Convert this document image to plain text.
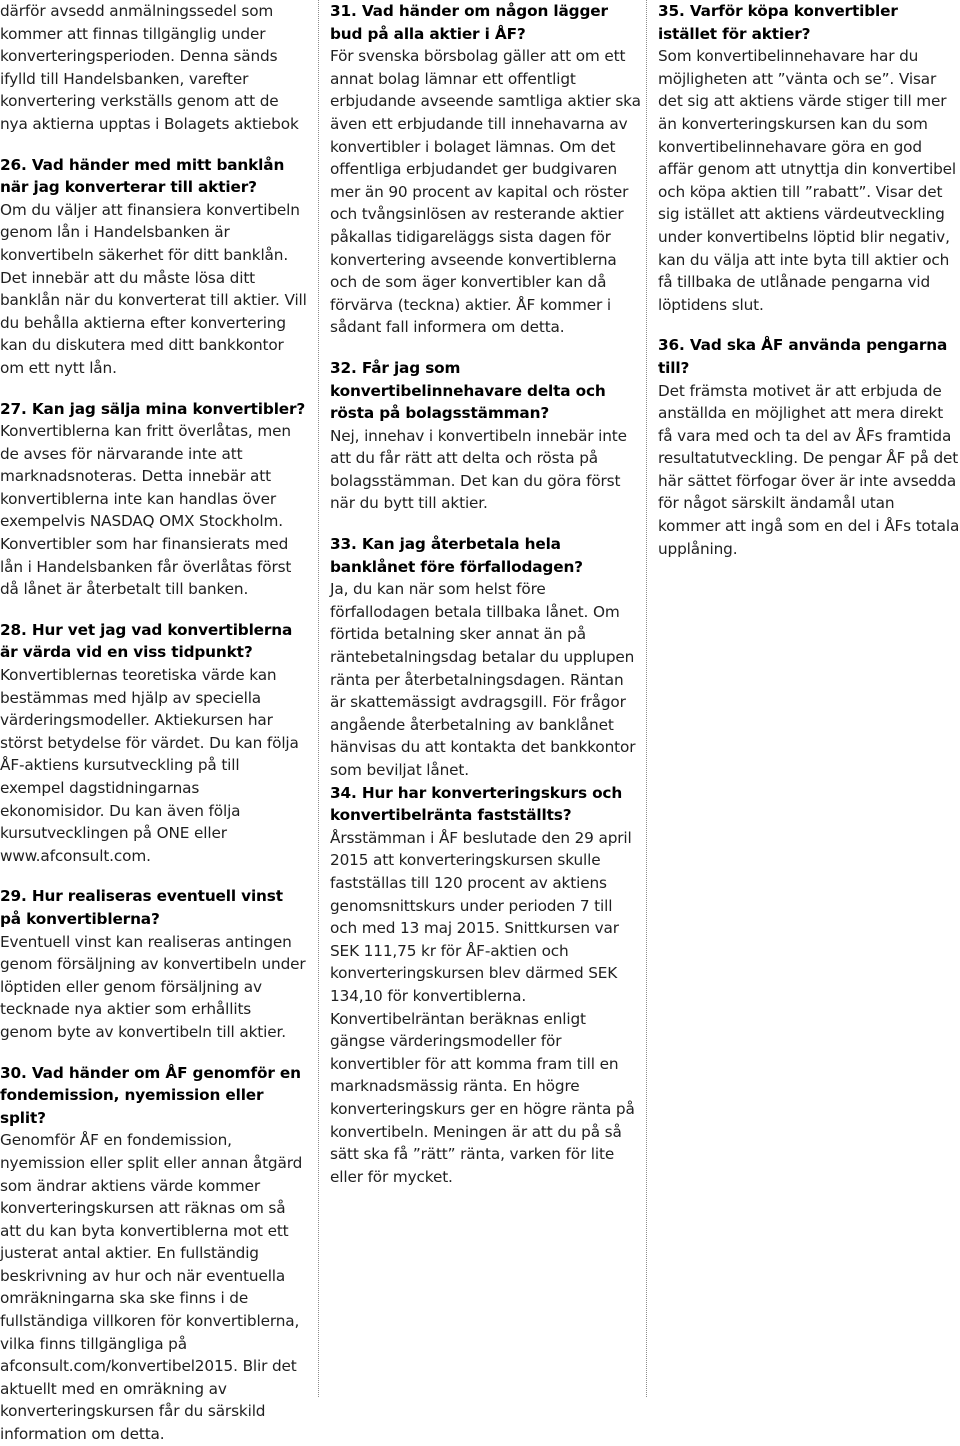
därför avsedd anmälningssedel som kommer att finnas tillgänglig under konverteringsperioden. Denna sänds ifylld till Handelsbanken, varefter konvertering verkställs genom att de nya aktierna upptas i Bolagets aktiebok

26. Vad händer med mitt banklån när jag konverterar till aktier?

Om du väljer att finansiera konvertibeln genom lån i Handelsbanken är konvertibeln säkerhet för ditt banklån. Det innebär att du måste lösa ditt banklån när du konverterat till aktier. Vill du behålla aktierna efter konvertering kan du diskutera med ditt bankkontor om ett nytt lån.

27. Kan jag sälja mina konvertibler?

Konvertiblerna kan fritt överlåtas, men de avses för närvarande inte att marknadsnoteras. Detta innebär att konvertiblerna inte kan handlas över exempelvis NASDAQ OMX Stockholm. Konvertibler som har finansierats med lån i Handelsbanken får överlåtas först då lånet är återbetalt till banken.

28. Hur vet jag vad konvertiblerna är värda vid en viss tidpunkt?

Konvertiblernas teoretiska värde kan bestämmas med hjälp av speciella värderingsmodeller. Aktiekursen har störst betydelse för värdet. Du kan följa ÅF-aktiens kursutveckling på till exempel dagstidningarnas ekonomisidor. Du kan även följa kursutvecklingen på ONE eller www.afconsult.com.

29. Hur realiseras eventuell vinst på konvertiblerna?

Eventuell vinst kan realiseras antingen genom försäljning av konvertibeln under löptiden eller genom försäljning av tecknade nya aktier som erhållits genom byte av konvertibeln till aktier.

30. Vad händer om ÅF genomför en fondemission, nyemission eller split?

Genomför ÅF en fondemission, nyemission eller split eller annan åtgärd som ändrar aktiens värde kommer konverteringskursen att räknas om så att du kan byta konvertiblerna mot ett justerat antal aktier. En fullständig beskrivning av hur och när eventuella omräkningarna ska ske finns i de fullständiga villkoren för konvertiblerna, vilka finns tillgängliga på afconsult.com/konvertibel2015. Blir det aktuellt med en omräkning av konverteringskursen får du särskild information om detta.

31. Vad händer om någon lägger bud på alla aktier i ÅF?

För svenska börsbolag gäller att om ett annat bolag lämnar ett offentligt erbjudande avseende samtliga aktier ska även ett erbjudande till innehavarna av konvertibler i bolaget lämnas. Om det offentliga erbjudandet ger budgivaren mer än 90 procent av kapital och röster och tvångsinlösen av resterande aktier påkallas tidigareläggs sista dagen för konvertering avseende konvertiblerna och de som äger konvertibler kan då förvärva (teckna) aktier. ÅF kommer i sådant fall informera om detta.

32. Får jag som konvertibelinnehavare delta och rösta på bolagsstämman?

Nej, innehav i konvertibeln innebär inte att du får rätt att delta och rösta på bolagsstämman. Det kan du göra först när du bytt till aktier.

33. Kan jag återbetala hela banklånet före förfallodagen?

Ja, du kan när som helst före förfallodagen betala tillbaka lånet. Om förtida betalning sker annat än på räntebetalningsdag betalar du upplupen ränta per återbetalningsdagen. Räntan är skattemässigt avdragsgill. För frågor angående återbetalning av banklånet hänvisas du att kontakta det bankkontor som beviljat lånet.

34. Hur har konverteringskurs och konvertibelränta fastställts?

Årsstämman i ÅF beslutade den 29 april 2015 att konverteringskursen skulle fastställas till 120 procent av aktiens genomsnittskurs under perioden 7 till och med 13 maj 2015. Snittkursen var SEK 111,75 kr för ÅF-aktien och konverteringskursen blev därmed SEK 134,10 för konvertiblerna. Konvertibelräntan beräknas enligt gängse värderingsmodeller för konvertibler för att komma fram till en marknadsmässig ränta. En högre konverteringskurs ger en högre ränta på konvertibeln. Meningen är att du på så sätt ska få ”rätt” ränta, varken för lite eller för mycket.

35. Varför köpa konvertibler istället för aktier?

Som konvertibelinnehavare har du möjligheten att ”vänta och se”. Visar det sig att aktiens värde stiger till mer än konverteringskursen kan du som konvertibelinnehavare göra en god affär genom att utnyttja din konvertibel och köpa aktien till ”rabatt”. Visar det sig istället att aktiens värdeutveckling under konvertibelns löptid blir negativ, kan du välja att inte byta till aktier och få tillbaka de utlånade pengarna vid löptidens slut.

36. Vad ska ÅF använda pengarna till?

Det främsta motivet är att erbjuda de anställda en möjlighet att mera direkt få vara med och ta del av ÅFs framtida resultatutveckling. De pengar ÅF på det här sättet förfogar över är inte avsedda för något särskilt ändamål utan kommer att ingå som en del i ÅFs totala upplåning.
